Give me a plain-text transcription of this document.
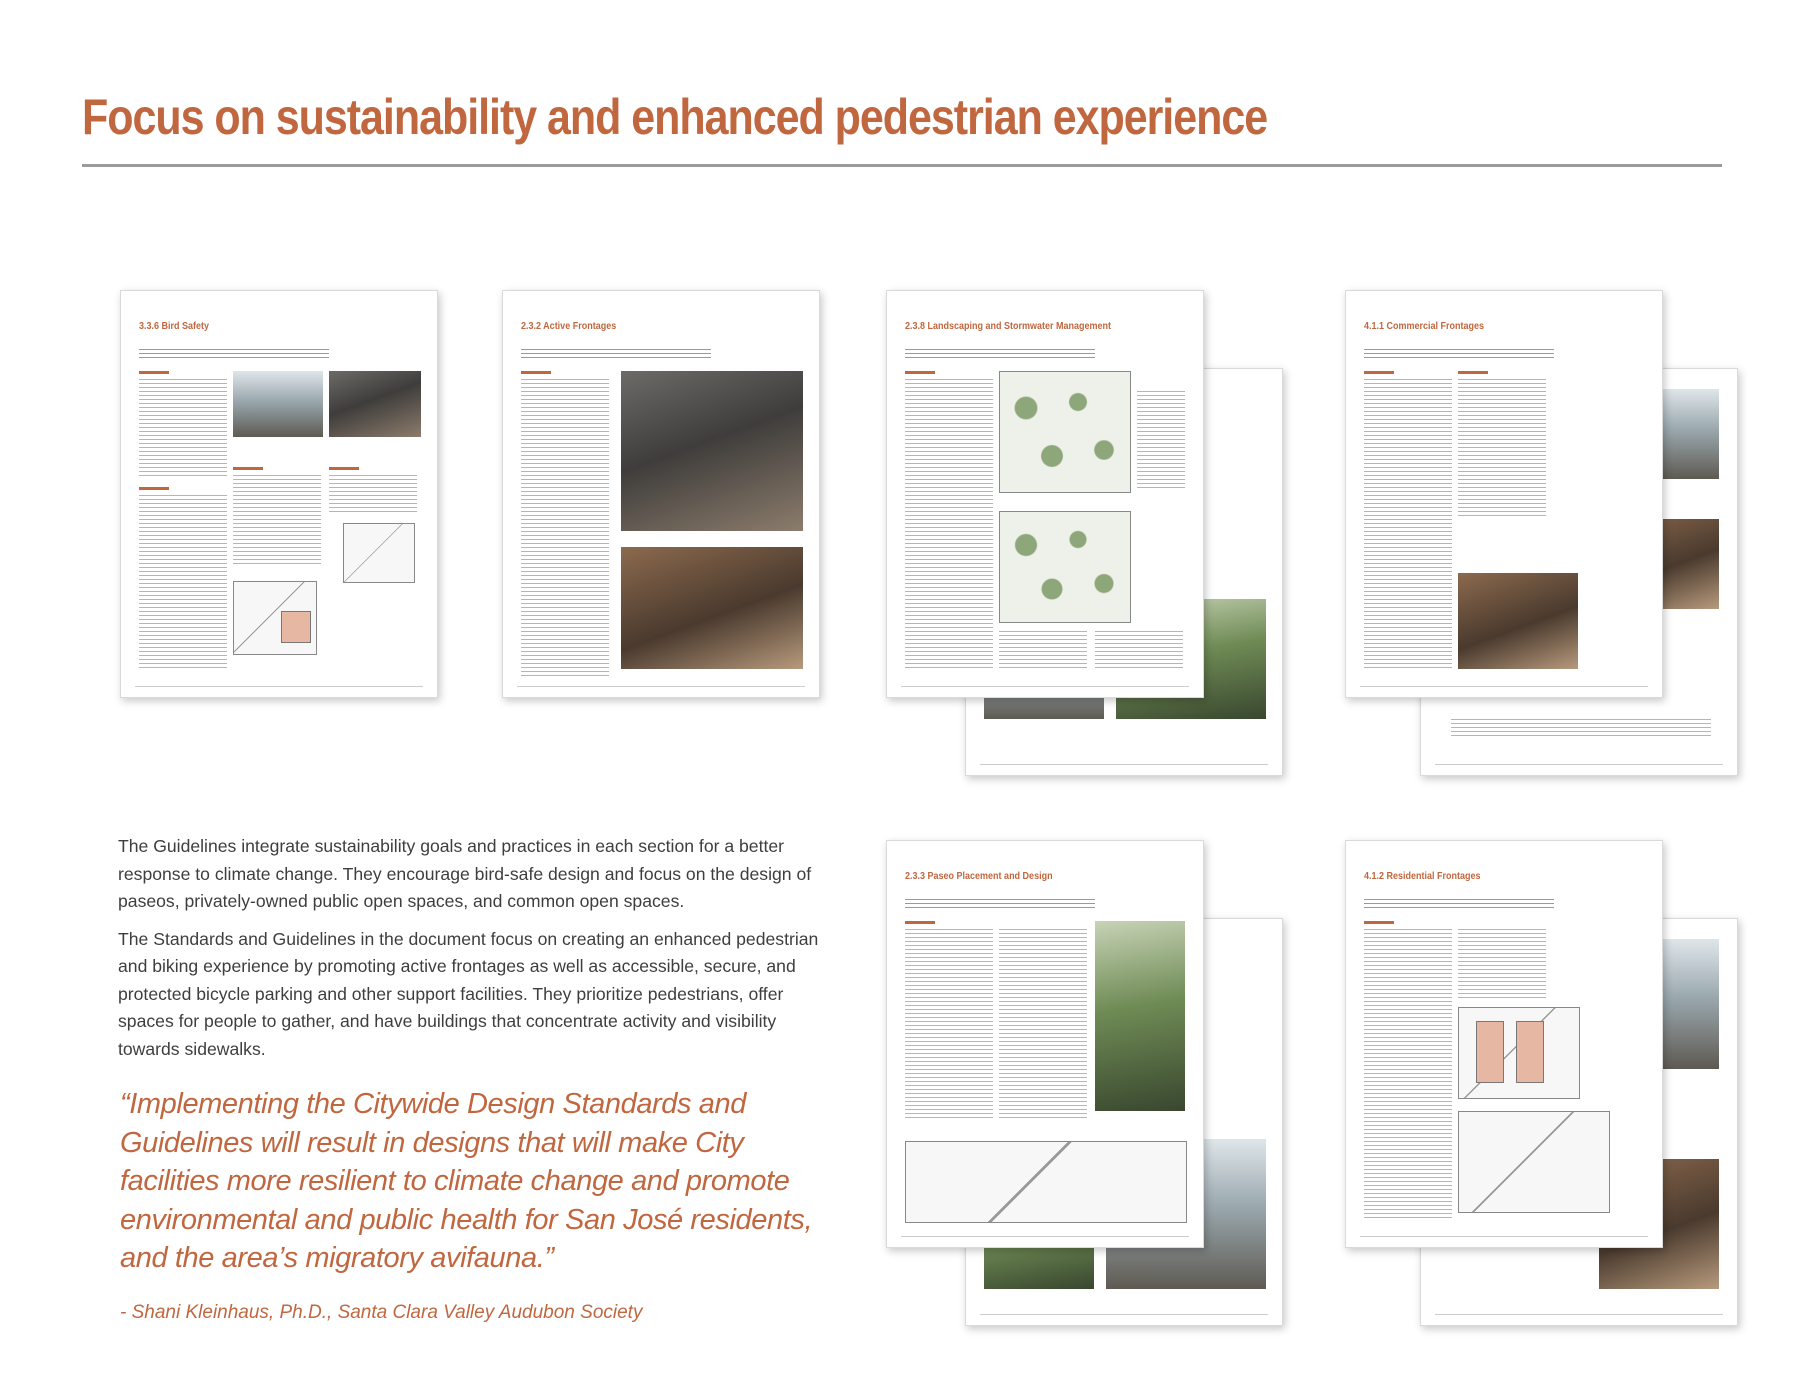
Focus on sustainability and enhanced pedestrian experience
3.3.6 Bird Safety	2.3.2 Active Frontages	2.3.8 Landscaping and Stormwater Management	4.1.1 Commercial Frontages
2.3.3 Paseo Placement and Design	4.1.2 Residential Frontages

The Guidelines integrate sustainability goals and practices in each section for a better response to climate change. They encourage bird-safe design and focus on the design of paseos, privately-owned public open spaces, and common open spaces.

The Standards and Guidelines in the document focus on creating an enhanced pedestrian and biking experience by promoting active frontages as well as accessible, secure, and protected bicycle parking and other support facilities. They prioritize pedestrians, offer spaces for people to gather, and have buildings that concentrate activity and visibility towards sidewalks.

“Implementing the Citywide Design Standards and Guidelines will result in designs that will make City facilities more resilient to climate change and promote environmental and public health for San José residents, and the area’s migratory avifauna.”

- Shani Kleinhaus, Ph.D., Santa Clara Valley Audubon Society
